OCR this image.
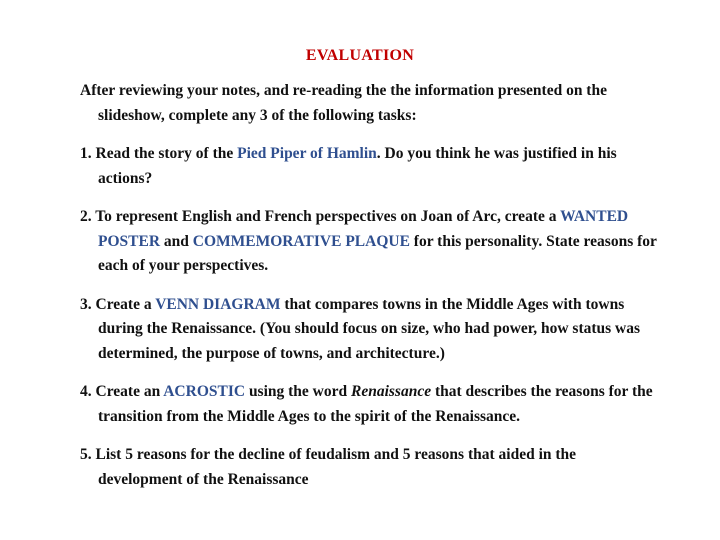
EVALUATION

After reviewing your notes, and re-reading the the information presented on the slideshow, complete any 3 of the following tasks:

1. Read the story of the Pied Piper of Hamlin. Do you think he was justified in his actions?

2. To represent English and French perspectives on Joan of Arc, create a WANTED POSTER and COMMEMORATIVE PLAQUE for this personality. State reasons for each of your perspectives.

3. Create a VENN DIAGRAM that compares towns in the Middle Ages with towns during the Renaissance. (You should focus on size, who had power, how status was determined, the purpose of towns, and architecture.)

4. Create an ACROSTIC using the word Renaissance that describes the reasons for the transition from the Middle Ages to the spirit of the Renaissance.

5. List 5 reasons for the decline of feudalism and 5 reasons that aided in the development of the Renaissance
